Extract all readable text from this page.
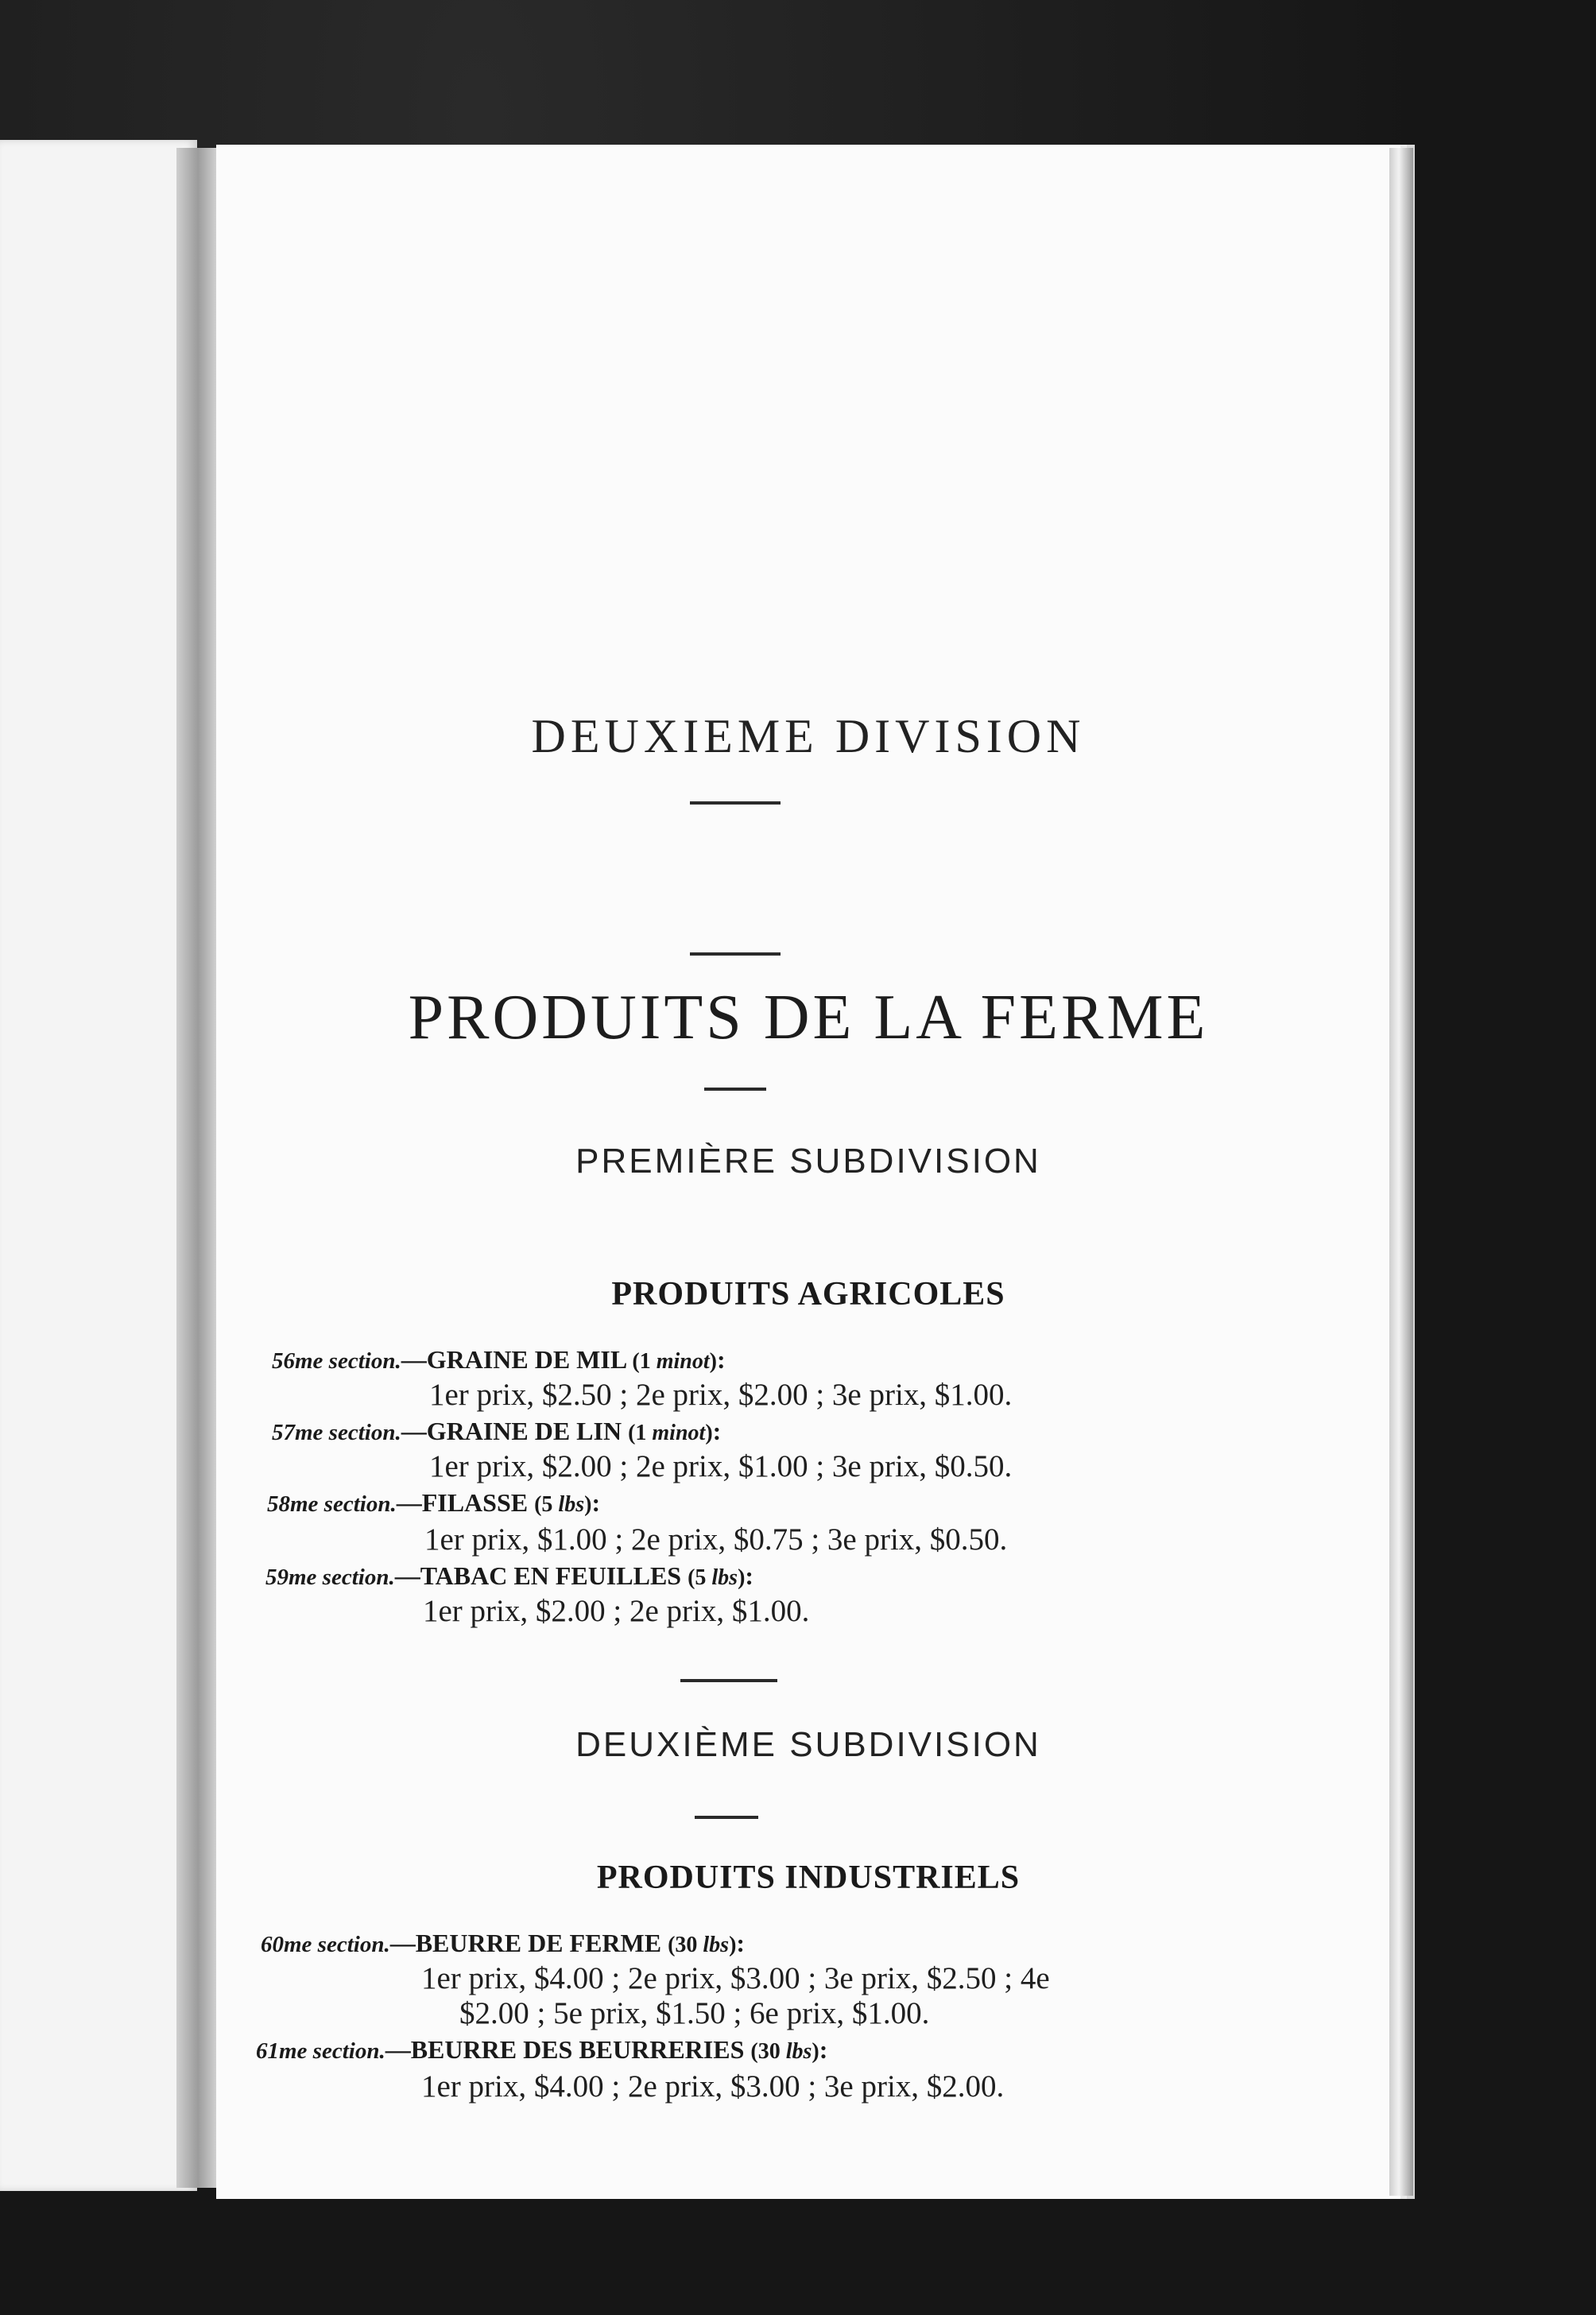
DEUXIEME DIVISION
PRODUITS DE LA FERME
PREMIÈRE SUBDIVISION
PRODUITS AGRICOLES
56me section.—GRAINE DE MIL (1 minot):
1er prix, $2.50 ; 2e prix, $2.00 ; 3e prix, $1.00.
57me section.—GRAINE DE LIN (1 minot):
1er prix, $2.00 ; 2e prix, $1.00 ; 3e prix, $0.50.
58me section.—FILASSE (5 lbs):
1er prix, $1.00 ; 2e prix, $0.75 ; 3e prix, $0.50.
59me section.—TABAC EN FEUILLES (5 lbs):
1er prix, $2.00 ; 2e prix, $1.00.
DEUXIÈME SUBDIVISION
PRODUITS INDUSTRIELS
60me section.—BEURRE DE FERME (30 lbs):
1er prix, $4.00 ; 2e prix, $3.00 ; 3e prix, $2.50 ; 4e
$2.00 ; 5e prix, $1.50 ; 6e prix, $1.00.
61me section.—BEURRE DES BEURRERIES (30 lbs):
1er prix, $4.00 ; 2e prix, $3.00 ; 3e prix, $2.00.
